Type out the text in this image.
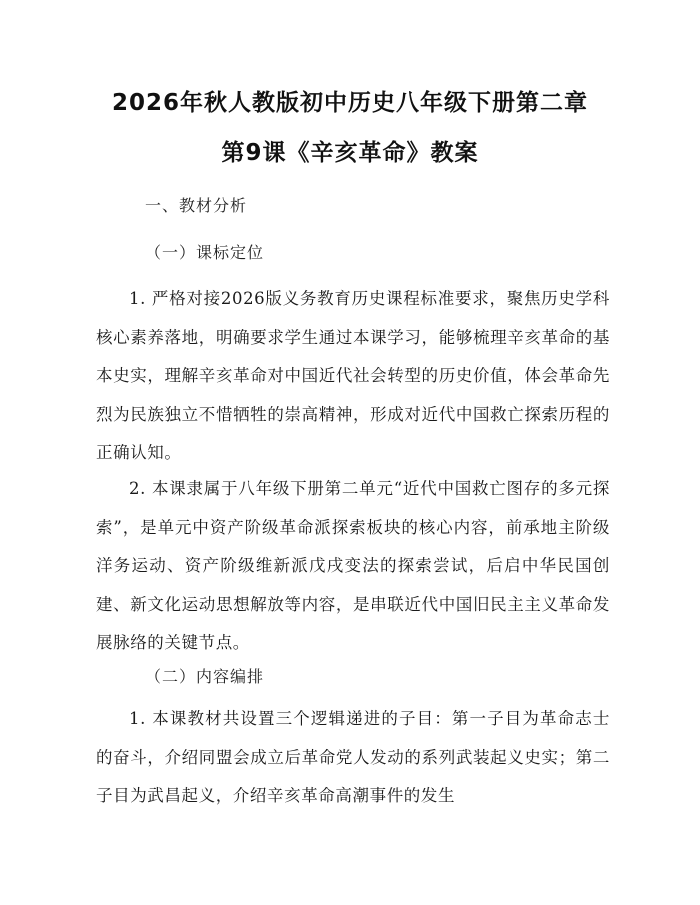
2026年秋人教版初中历史八年级下册第二章
第9课《辛亥革命》教案
一、教材分析
（一）课标定位

1. 严格对接2026版义务教育历史课程标准要求，聚焦历史学科核心素养落地，明确要求学生通过本课学习，能够梳理辛亥革命的基本史实，理解辛亥革命对中国近代社会转型的历史价值，体会革命先烈为民族独立不惜牺牲的崇高精神，形成对近代中国救亡探索历程的正确认知。

2. 本课隶属于八年级下册第二单元“近代中国救亡图存的多元探索”，是单元中资产阶级革命派探索板块的核心内容，前承地主阶级洋务运动、资产阶级维新派戊戌变法的探索尝试，后启中华民国创建、新文化运动思想解放等内容，是串联近代中国旧民主主义革命发展脉络的关键节点。

（二）内容编排

1. 本课教材共设置三个逻辑递进的子目：第一子目为革命志士的奋斗，介绍同盟会成立后革命党人发动的系列武装起义史实；第二子目为武昌起义，介绍辛亥革命高潮事件的发生
